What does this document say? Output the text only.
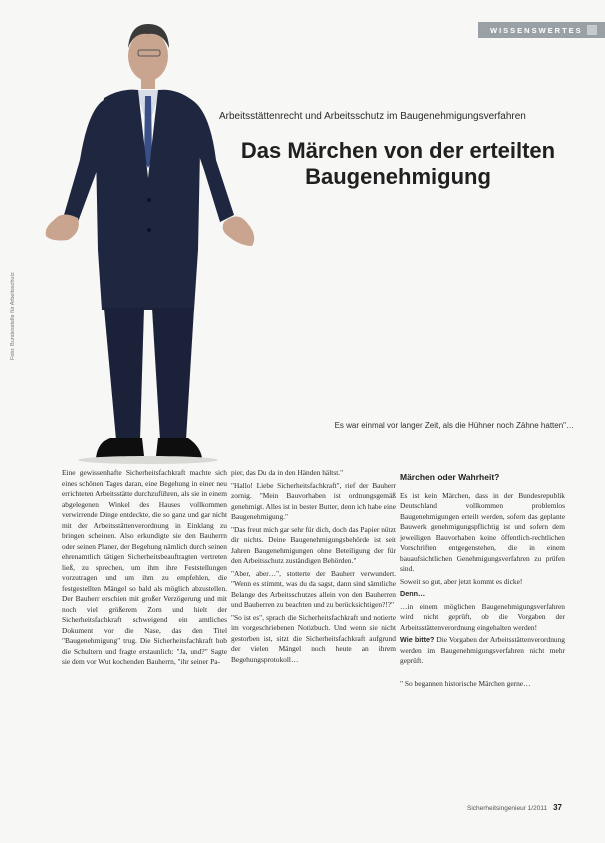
WISSENSWERTES
Foto: Bundesstelle für Arbeitsschutz
Arbeitsstättenrecht und Arbeitsschutz im Baugenehmigungsverfahren
Das Märchen von der erteilten Baugenehmigung
Es war einmal vor langer Zeit, als die Hühner noch Zähne hatten"…

Eine gewissenhafte Sicherheitsfachkraft machte sich eines schönen Tages daran, eine Begehung in einer neu errichteten Arbeitsstätte durchzuführen, als sie in einem abgelegenen Winkel des Hauses vollkommen verwirrende Dinge entdeckte, die so ganz und gar nicht mit der Arbeitsstättenverordnung in Einklang zu bringen scheinen. Also erkundigte sie den Bauherrn oder seinen Planer, der Begehung nämlich durch seinen ehrenamtlich tätigen Sicherheitsbeauftragten vertreten ließ, zu sprechen, um ihm ihre Feststellungen vorzutragen und um ihm zu empfehlen, die festgestellten Mängel so bald als möglich abzustellen. Der Bauherr erschien mit großer Verzögerung und mit noch viel größerem Zorn und hielt der Sicherheitsfachkraft schweigend ein amtliches Dokument vor die Nase, das den Titel "Baugenehmigung" trug. Die Sicherheitsfachkraft hob die Schultern und fragte erstaunlich: "Ja, und?" Sagte sie dem vor Wut kochenden Bauherrn, "ihr seiner Pa-

pier, das Du da in den Händen hältst."

"Hallo! Liebe Sicherheitsfachkraft", rief der Bauherr zornig. "Mein Bauvorhaben ist ordnungsgemäß genehmigt. Alles ist in bester Butter, denn ich habe eine Baugenehmigung."

"Das freut mich gar sehr für dich, doch das Papier nützt dir nichts. Deine Baugenehmigungsbehörde ist seit Jahren Baugenehmigungen ohne Beteiligung der für den Arbeitsschutz zuständigen Behörden."

"Aber, aber…", stotterte der Bauherr verwundert. "Wenn es stimmt, was du da sagst, dann sind sämtliche Belange des Arbeitsschutzes allein von den Bauherren und Bauherren zu beachten und zu berücksichtigen?!?"

"So ist es", sprach die Sicherheitsfachkraft und notierte im vorgeschriebenen Notizbuch. Und wenn sie nicht gestorben ist, sitzt die Sicherheitsfachkraft aufgrund der vielen Mängel noch heute an ihrem Begehungsprotokoll…

Märchen oder Wahrheit?

Es ist kein Märchen, dass in der Bundesrepublik Deutschland vollkommen problemlos Baugenehmigungen erteilt werden, sofern das geplante Bauwerk genehmigungspflichtig ist und sofern dem jeweiligen Bauvorhaben keine öffentlich-rechtlichen Vorschriften entgegenstehen, die in einem bauaufsichtlichen Genehmigungsverfahren zu prüfen sind.

Soweit so gut, aber jetzt kommt es dicke!

Denn…

…in einem möglichen Baugenehmigungsverfahren wird nicht geprüft, ob die Vorgaben der Arbeitsstättenverordnung eingehalten werden!

Wie bitte? Die Vorgaben der Arbeitsstättenverordnung werden im Baugenehmigungsverfahren nicht mehr geprüft.

" So begannen historische Märchen gerne…

Sicherheitsingenieur 1/2011 37
